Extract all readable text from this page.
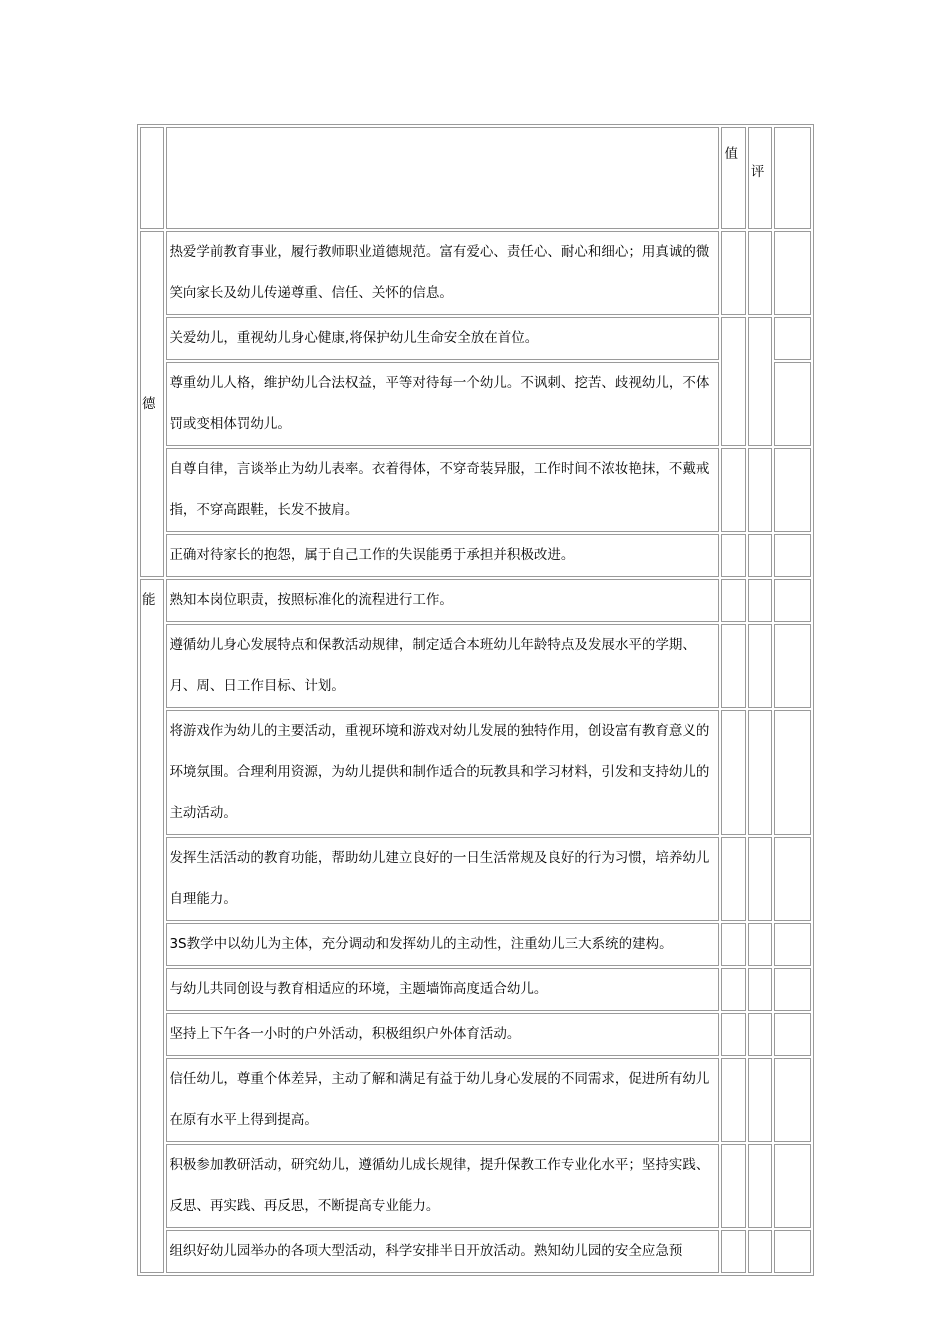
		值	评	
德	热爱学前教育事业，履行教师职业道德规范。富有爱心、责任心、耐心和细心；用真诚的微笑向家长及幼儿传递尊重、信任、关怀的信息。			
	关爱幼儿，重视幼儿身心健康,将保护幼儿生命安全放在首位。			
	尊重幼儿人格，维护幼儿合法权益，平等对待每一个幼儿。不讽刺、挖苦、歧视幼儿，不体罚或变相体罚幼儿。			
	自尊自律，言谈举止为幼儿表率。衣着得体，不穿奇装异服，工作时间不浓妆艳抹，不戴戒指，不穿高跟鞋，长发不披肩。			
	正确对待家长的抱怨，属于自己工作的失误能勇于承担并积极改进。			
能	熟知本岗位职责，按照标准化的流程进行工作。			
	遵循幼儿身心发展特点和保教活动规律，制定适合本班幼儿年龄特点及发展水平的学期、月、周、日工作目标、计划。			
	将游戏作为幼儿的主要活动，重视环境和游戏对幼儿发展的独特作用，创设富有教育意义的环境氛围。合理利用资源，为幼儿提供和制作适合的玩教具和学习材料，引发和支持幼儿的主动活动。			
	发挥生活活动的教育功能，帮助幼儿建立良好的一日生活常规及良好的行为习惯，培养幼儿自理能力。			
	3S教学中以幼儿为主体，充分调动和发挥幼儿的主动性，注重幼儿三大系统的建构。			
	与幼儿共同创设与教育相适应的环境，主题墙饰高度适合幼儿。			
	坚持上下午各一小时的户外活动，积极组织户外体育活动。			
	信任幼儿，尊重个体差异，主动了解和满足有益于幼儿身心发展的不同需求，促进所有幼儿在原有水平上得到提高。			
	积极参加教研活动，研究幼儿，遵循幼儿成长规律，提升保教工作专业化水平；坚持实践、反思、再实践、再反思，不断提高专业能力。			
	组织好幼儿园举办的各项大型活动，科学安排半日开放活动。熟知幼儿园的安全应急预			
